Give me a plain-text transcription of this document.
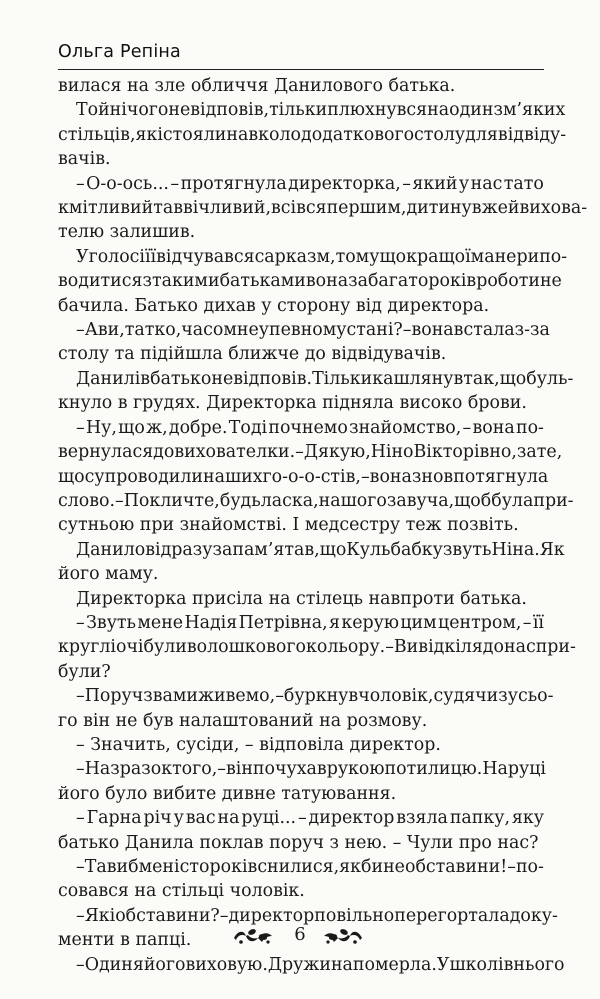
Ольга Репіна
вилася на зле обличчя Данилового батька.
Той нічого не відповів, тільки плюхнувся на один з м’яких
стільців, які стояли навколо додаткового столу для відвіду-
вачів.
– О-о-ось... – протягнула директорка, – який у нас тато
кмітливий та ввічливий, всівся першим, дитину вже й вихова-
телю залишив.
У голосі її відчувався сарказм, тому що кращої манери по-
водитися з такими батьками вона за багато років роботи не
бачила. Батько дихав у сторону від директора.
– А ви, татко, часом не у певному стані? – вона встала з-за
столу та підійшла ближче до відвідувачів.
Данилів батько не відповів. Тільки кашлянув так, що буль-
кнуло в грудях. Директорка підняла високо брови.
– Ну, що ж, добре. Тоді почнемо знайомство, – вона по-
вернулася до вихователки. – Дякую, Ніно Вікторівно, за те,
що супроводили наших го-о-о-стів, – вона знов потягнула
слово. – Покличте, будь ласка, нашого завуча, щоб була при-
сутньою при знайомстві. І медсестру теж позвіть.
Данило відразу запам’ятав, що Кульбабку звуть Ніна. Як
його маму.
Директорка присіла на стілець навпроти батька.
– Звуть мене Надія Петрівна, я керую цим центром, – її
круглі очі були волошкового кольору. – Ви відкіля до нас при-
були?
– Поруч з вами живемо, – буркнув чоловік, судячи з усьо-
го він не був налаштований на розмову.
– Значить, сусіди, – відповіла директор.
– На зразок того, – він почухав рукою потилицю. На руці
його було вибите дивне татуювання.
– Гарна річ у вас на руці... – директор взяла папку, яку
батько Данила поклав поруч з нею. – Чули про нас?
– Та ви б мені сто років снилися, якби не обставини! – по-
совався на стільці чоловік.
– Які обставини? – директор повільно перегортала доку-
менти в папці.
– Один я його виховую. Дружина померла. У школі в нього
6
